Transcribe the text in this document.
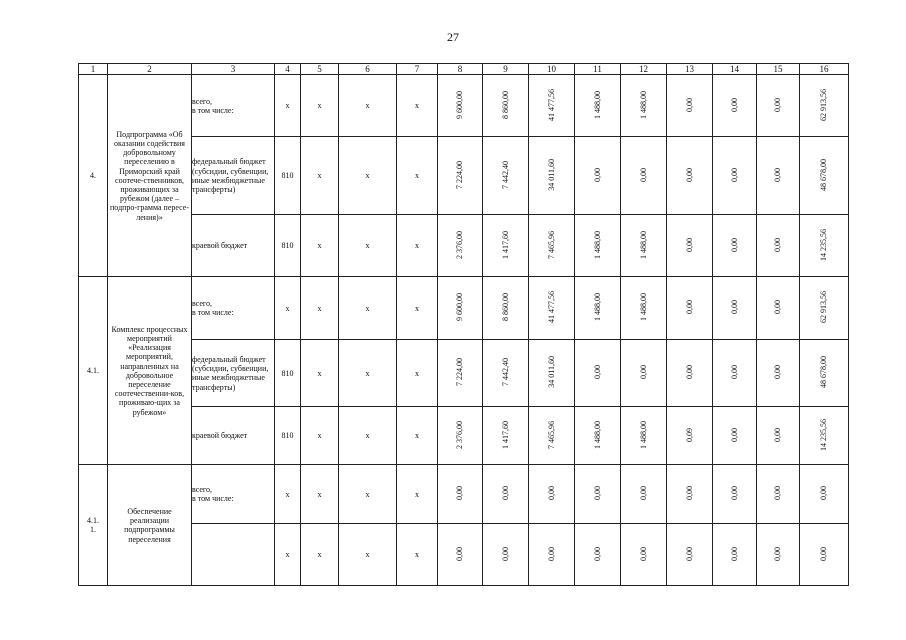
27
1	2	3	4	5	6	7	8	9	10	11	12	13	14	15	16
4.	Подпрограмма «Об оказании содействия добровольному переселению в Приморский край соотече-ственников, проживающих за рубежом (далее – подпро-грамма пересе-ления)»	всего,
в том числе:	x	x	x	x	9 600,00	8 860,00	41 477,56	1 488,00	1 488,00	0,00	0,00	0,00	62 913,56
		федеральный бюджет (субсидии, субвенции, иные межбюджетные трансферты)	810	x	x	x	7 224,00	7 442,40	34 011,60	0,00	0,00	0,00	0,00	0,00	48 678,00
		краевой бюджет	810	x	x	x	2 376,00	1 417,60	7 465,96	1 488,00	1 488,00	0,00	0,00	0,00	14 235,56
4.1.	Комплекс процессных мероприятий «Реализация мероприятий, направленных на добровольное переселение соотечественни-ков, проживаю-щих за рубежом»	всего,
в том числе:	x	x	x	x	9 600,00	8 860,00	41 477,56	1 488,00	1 488,00	0,00	0,00	0,00	62 913,56
		федеральный бюджет (субсидии, субвенции, иные межбюджетные трансферты)	810	x	x	x	7 224,00	7 442,40	34 011,60	0,00	0,00	0,00	0,00	0,00	48 678,00
		краевой бюджет	810	x	x	x	2 376,00	1 417,60	7 465,96	1 488,00	1 488,00	0,09	0,00	0,00	14 235,56
4.1.
1.	Обеспечение реализации подпрограммы переселения	всего,
в том числе:	x	x	x	x	0,00	0,00	0,00	0,00	0,00	0,00	0,00	0,00	0,00
			x	x	x	x	0,00	0,00	0,00	0,00	0,00	0,00	0,00	0,00	0,00
